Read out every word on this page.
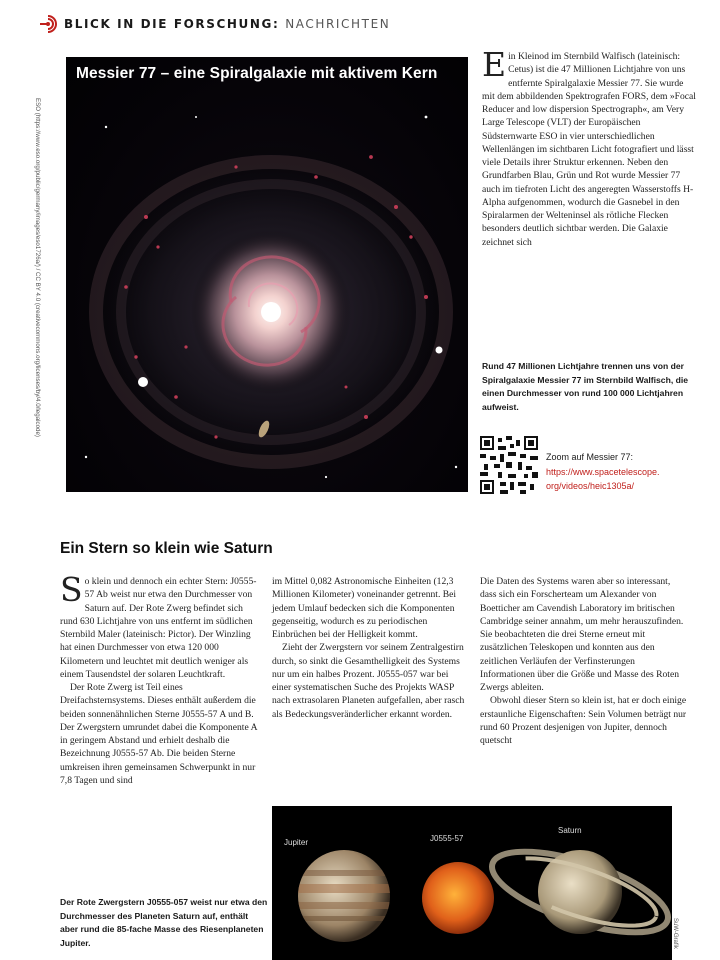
BLICK IN DIE FORSCHUNG: NACHRICHTEN
ESO (https://www.eso.org/public/germany/images/eso1726a/) / CC BY 4.0 (creativecommons.org/licenses/by/4.0/legalcode)
Messier 77 – eine Spiralgalaxie mit aktivem Kern Ein Kleinod im Sternbild Walfisch (lateinisch: Cetus) ist die 47 Millionen Lichtjahre von uns entfernte Spiralgalaxie Messier 77. Sie wurde mit dem abbildenden Spektrografen FORS, dem »Focal Reducer and low dispersion Spectrograph«, am Very Large Telescope (VLT) der Europäischen Südsternwarte ESO in vier unterschiedlichen Wellenlängen im sichtbaren Licht fotografiert und lässt viele Details ihrer Struktur erkennen. Neben den Grundfarben Blau, Grün und Rot wurde Messier 77 auch im tiefroten Licht des angeregten Wasserstoffs H-Alpha aufgenommen, wodurch die Gasnebel in den Spiralarmen der Welteninsel als rötliche Flecken besonders deutlich sichtbar werden. Die Galaxie zeichnet sich

Rund 47 Millionen Lichtjahre trennen uns von der Spiralgalaxie Messier 77 im Sternbild Walfisch, die einen Durchmesser von rund 100 000 Lichtjahren aufweist.
Zoom auf Messier 77:
https://www.spacetelescope.
org/videos/heic1305a/
Ein Stern so klein wie Saturn

So klein und dennoch ein echter Stern: J0555-57 Ab weist nur etwa den Durchmesser von Saturn auf. Der Rote Zwerg befindet sich rund 630 Lichtjahre von uns entfernt im südlichen Sternbild Maler (lateinisch: Pictor). Der Winzling hat einen Durchmesser von etwa 120 000 Kilometern und leuchtet mit deutlich weniger als einem Tausendstel der solaren Leuchtkraft.

Der Rote Zwerg ist Teil eines Dreifachsternsystems. Dieses enthält außerdem die beiden sonnenähnlichen Sterne J0555-57 A und B. Der Zwergstern umrundet dabei die Komponente A in geringem Abstand und erhielt deshalb die Bezeichnung J0555-57 Ab. Die beiden Sterne umkreisen ihren gemeinsamen Schwerpunkt in nur 7,8 Tagen und sind

im Mittel 0,082 Astronomische Einheiten (12,3 Millionen Kilometer) voneinander getrennt. Bei jedem Umlauf bedecken sich die Komponenten gegenseitig, wodurch es zu periodischen Einbrüchen bei der Helligkeit kommt.

Zieht der Zwergstern vor seinem Zentralgestirn durch, so sinkt die Gesamthelligkeit des Systems nur um ein halbes Prozent. J0555-057 war bei einer systematischen Suche des Projekts WASP nach extrasolaren Planeten aufgefallen, aber rasch als Bedeckungsveränderlicher erkannt worden.

Die Daten des Systems waren aber so interessant, dass sich ein Forscherteam um Alexander von Boetticher am Cavendish Laboratory im britischen Cambridge seiner annahm, um mehr herauszufinden. Sie beobachteten die drei Sterne erneut mit zusätzlichen Teleskopen und konnten aus den zeitlichen Verläufen der Verfinsterungen Informationen über die Größe und Masse des Roten Zwergs ableiten.

Obwohl dieser Stern so klein ist, hat er doch einige erstaunliche Eigenschaften: Sein Volumen beträgt nur rund 60 Prozent desjenigen von Jupiter, dennoch quetscht

Der Rote Zwergstern J0555-057 weist nur etwa den Durchmesser des Planeten Saturn auf, enthält aber rund die 85-fache Masse des Riesenplaneten Jupiter.
Jupiter	J0555-57
Saturn
SuW-Grafik
